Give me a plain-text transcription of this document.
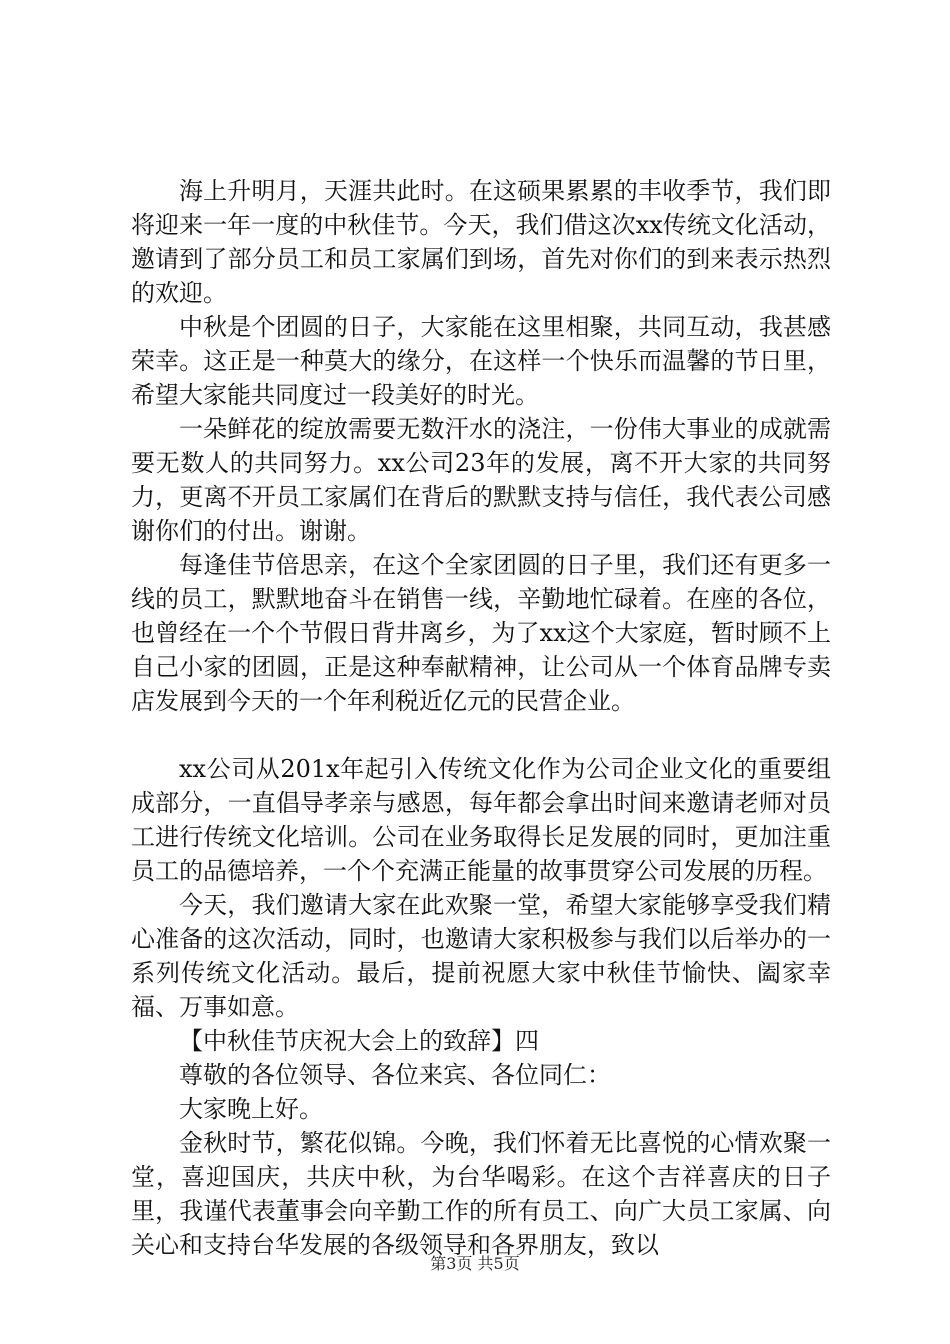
海上升明月，天涯共此时。在这硕果累累的丰收季节，我们即将迎来一年一度的中秋佳节。今天，我们借这次xx传统文化活动，邀请到了部分员工和员工家属们到场，首先对你们的到来表示热烈的欢迎。

中秋是个团圆的日子，大家能在这里相聚，共同互动，我甚感荣幸。这正是一种莫大的缘分，在这样一个快乐而温馨的节日里，希望大家能共同度过一段美好的时光。

一朵鲜花的绽放需要无数汗水的浇注，一份伟大事业的成就需要无数人的共同努力。xx公司23年的发展，离不开大家的共同努力，更离不开员工家属们在背后的默默支持与信任，我代表公司感谢你们的付出。谢谢。

每逢佳节倍思亲，在这个全家团圆的日子里，我们还有更多一线的员工，默默地奋斗在销售一线，辛勤地忙碌着。在座的各位，也曾经在一个个节假日背井离乡，为了xx这个大家庭，暂时顾不上自己小家的团圆，正是这种奉献精神，让公司从一个体育品牌专卖店发展到今天的一个年利税近亿元的民营企业。

xx公司从201x年起引入传统文化作为公司企业文化的重要组成部分，一直倡导孝亲与感恩，每年都会拿出时间来邀请老师对员工进行传统文化培训。公司在业务取得长足发展的同时，更加注重员工的品德培养，一个个充满正能量的故事贯穿公司发展的历程。

今天，我们邀请大家在此欢聚一堂，希望大家能够享受我们精心准备的这次活动，同时，也邀请大家积极参与我们以后举办的一系列传统文化活动。最后，提前祝愿大家中秋佳节愉快、阖家幸福、万事如意。

【中秋佳节庆祝大会上的致辞】四

尊敬的各位领导、各位来宾、各位同仁：

大家晚上好。

金秋时节，繁花似锦。今晚，我们怀着无比喜悦的心情欢聚一堂，喜迎国庆，共庆中秋，为台华喝彩。在这个吉祥喜庆的日子里，我谨代表董事会向辛勤工作的所有员工、向广大员工家属、向关心和支持台华发展的各级领导和各界朋友，致以

第3页 共5页
